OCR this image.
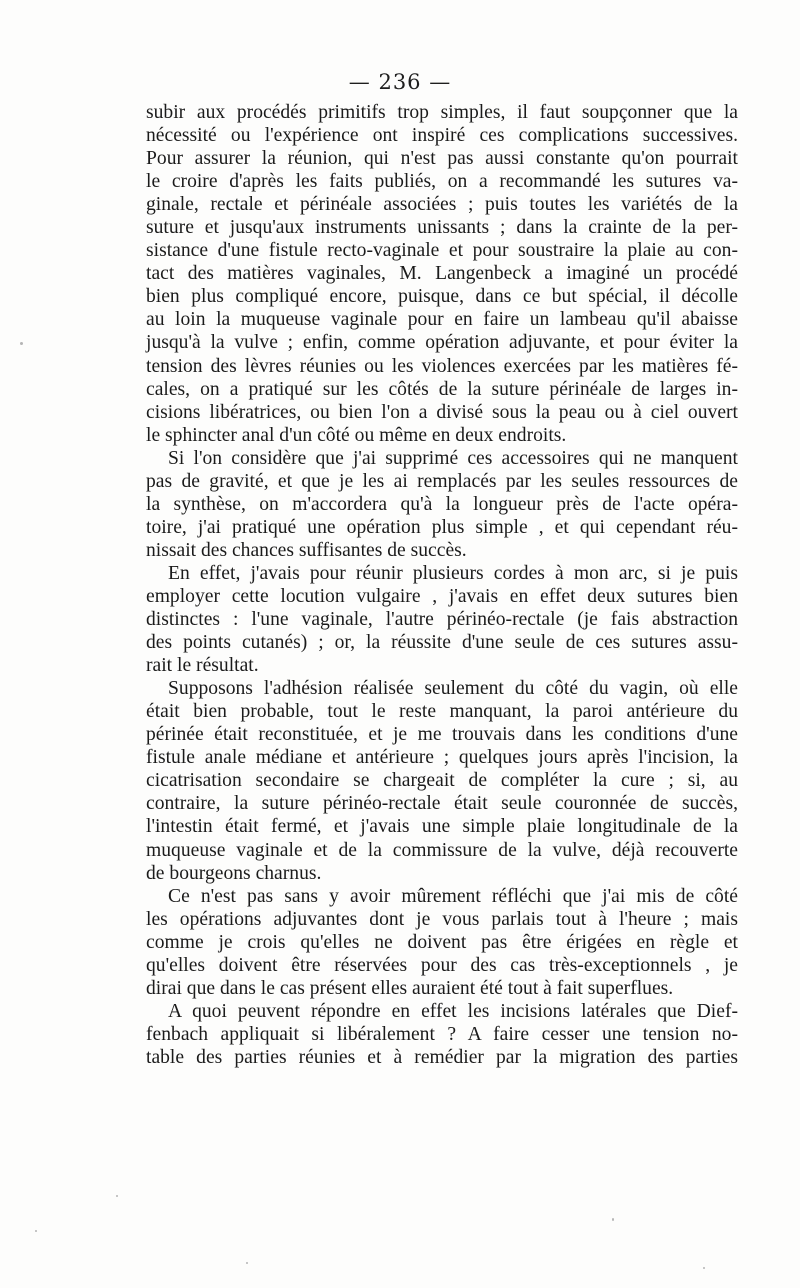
— 236 —
subir aux procédés primitifs trop simples, il faut soupçonner que la
nécessité ou l'expérience ont inspiré ces complications successives.
Pour assurer la réunion, qui n'est pas aussi constante qu'on pourrait
le croire d'après les faits publiés, on a recommandé les sutures va-
ginale, rectale et périnéale associées ; puis toutes les variétés de la
suture et jusqu'aux instruments unissants ; dans la crainte de la per-
sistance d'une fistule recto-vaginale et pour soustraire la plaie au con-
tact des matières vaginales, M. Langenbeck a imaginé un procédé
bien plus compliqué encore, puisque, dans ce but spécial, il décolle
au loin la muqueuse vaginale pour en faire un lambeau qu'il abaisse
jusqu'à la vulve ; enfin, comme opération adjuvante, et pour éviter la
tension des lèvres réunies ou les violences exercées par les matières fé-
cales, on a pratiqué sur les côtés de la suture périnéale de larges in-
cisions libératrices, ou bien l'on a divisé sous la peau ou à ciel ouvert
le sphincter anal d'un côté ou même en deux endroits.
Si l'on considère que j'ai supprimé ces accessoires qui ne manquent
pas de gravité, et que je les ai remplacés par les seules ressources de
la synthèse, on m'accordera qu'à la longueur près de l'acte opéra-
toire, j'ai pratiqué une opération plus simple , et qui cependant réu-
nissait des chances suffisantes de succès.
En effet, j'avais pour réunir plusieurs cordes à mon arc, si je puis
employer cette locution vulgaire , j'avais en effet deux sutures bien
distinctes : l'une vaginale, l'autre périnéo-rectale (je fais abstraction
des points cutanés) ; or, la réussite d'une seule de ces sutures assu-
rait le résultat.
Supposons l'adhésion réalisée seulement du côté du vagin, où elle
était bien probable, tout le reste manquant, la paroi antérieure du
périnée était reconstituée, et je me trouvais dans les conditions d'une
fistule anale médiane et antérieure ; quelques jours après l'incision, la
cicatrisation secondaire se chargeait de compléter la cure ; si, au
contraire, la suture périnéo-rectale était seule couronnée de succès,
l'intestin était fermé, et j'avais une simple plaie longitudinale de la
muqueuse vaginale et de la commissure de la vulve, déjà recouverte
de bourgeons charnus.
Ce n'est pas sans y avoir mûrement réfléchi que j'ai mis de côté
les opérations adjuvantes dont je vous parlais tout à l'heure ; mais
comme je crois qu'elles ne doivent pas être érigées en règle et
qu'elles doivent être réservées pour des cas très-exceptionnels , je
dirai que dans le cas présent elles auraient été tout à fait superflues.
A quoi peuvent répondre en effet les incisions latérales que Dief-
fenbach appliquait si libéralement ? A faire cesser une tension no-
table des parties réunies et à remédier par la migration des parties
